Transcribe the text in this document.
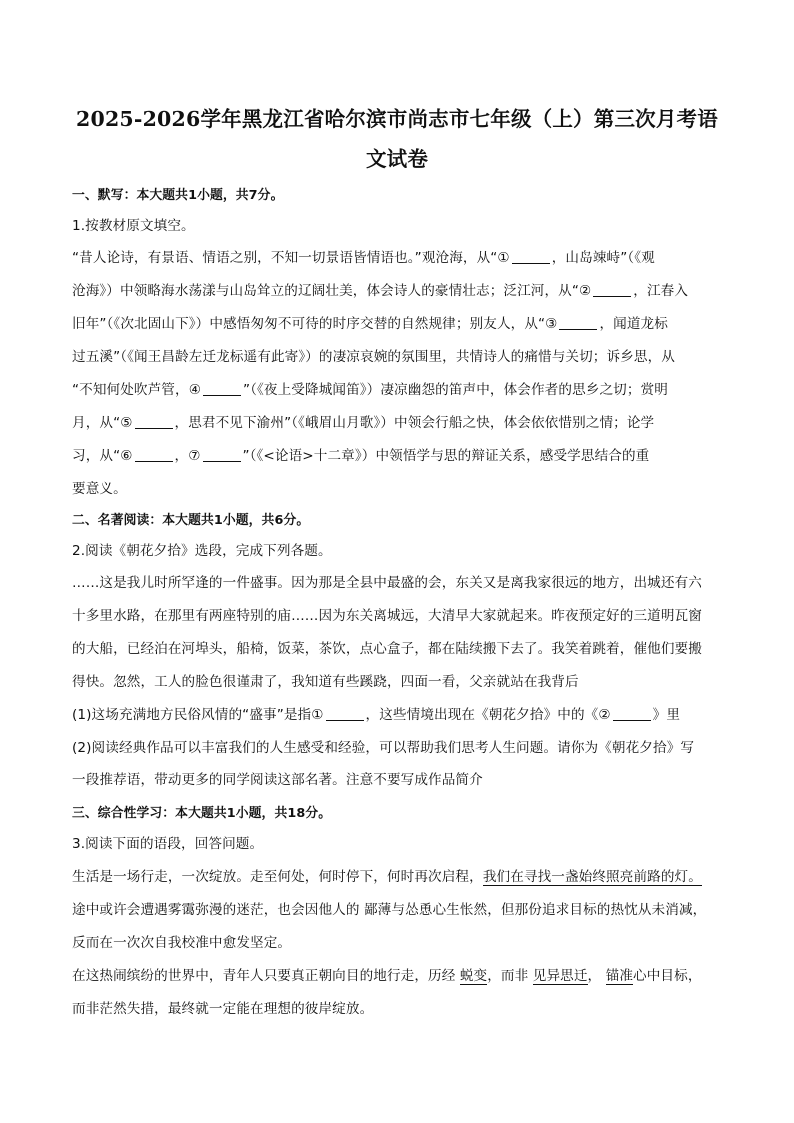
2025-2026学年黑龙江省哈尔滨市尚志市七年级（上）第三次月考语
文试卷
一、默写：本大题共1小题，共7分。
1.按教材原文填空。
“昔人论诗，有景语、情语之别，不知一切景语皆情语也。”观沧海，从“①	，山岛竦峙”（《观
沧海》）中领略海水荡漾与山岛耸立的辽阔壮美，体会诗人的豪情壮志；泛江河，从“②	，江春入
旧年”（《次北固山下》）中感悟匆匆不可待的时序交替的自然规律；别友人，从“③	，闻道龙标
过五溪”（《闻王昌龄左迁龙标遥有此寄》）的凄凉哀婉的氛围里，共情诗人的痛惜与关切；诉乡思，从
“不知何处吹芦管，④	”（《夜上受降城闻笛》）凄凉幽怨的笛声中，体会作者的思乡之切；赏明
月，从“⑤	，思君不见下渝州”（《峨眉山月歌》）中领会行船之快，体会依依惜别之情；论学
习，从“⑥	，⑦	”（《<论语>十二章》）中领悟学与思的辩证关系，感受学思结合的重
要意义。
二、名著阅读：本大题共1小题，共6分。
2.阅读《朝花夕拾》选段，完成下列各题。
……这是我儿时所罕逢的一件盛事。因为那是全县中最盛的会，东关又是离我家很远的地方，出城还有六
十多里水路，在那里有两座特别的庙……因为东关离城远，大清早大家就起来。昨夜预定好的三道明瓦窗
的大船，已经泊在河埠头，船椅，饭菜，茶饮，点心盒子，都在陆续搬下去了。我笑着跳着，催他们要搬
得快。忽然，工人的脸色很谨肃了，我知道有些蹊跷，四面一看，父亲就站在我背后
(1)这场充满地方民俗风情的“盛事”是指①	，这些情境出现在《朝花夕拾》中的《②	》里
(2)阅读经典作品可以丰富我们的人生感受和经验，可以帮助我们思考人生问题。请你为《朝花夕拾》写
一段推荐语，带动更多的同学阅读这部名著。注意不要写成作品简介
三、综合性学习：本大题共1小题，共18分。
3.阅读下面的语段，回答问题。
生活是一场行走，一次绽放。走至何处，何时停下，何时再次启程，我们在寻找一盏始终照亮前路的灯。
途中或许会遭遇雾霭弥漫的迷茫，也会因他人的 鄙薄与怂恿心生怅然，但那份追求目标的热忱从未消减，
反而在一次次自我校准中愈发坚定。
在这热闹缤纷的世界中，青年人只要真正朝向目的地行走，历经 蜕变，而非 见异思迁， 锚准心中目标，
而非茫然失措，最终就一定能在理想的彼岸绽放。
